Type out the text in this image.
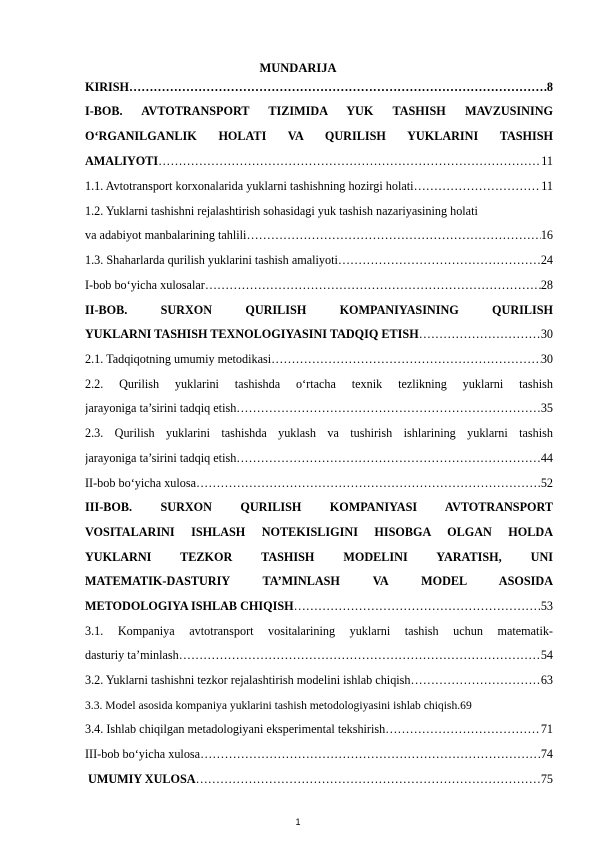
MUNDARIJA
KIRISH ……………………………………………………………………………………………………………………………………………………………………………………………	8
I-BOB. AVTOTRANSPORT TIZIMIDA YUK TASHISH MAVZUSINING
O‘RGANILGANLIK HOLATI VA QURILISH YUKLARINI TASHISH
AMALIYOTI ……………………………………………………………………………………………………………………………………………………………………………………………	11
1.1. Avtotransport korxonalarida yuklarni tashishning hozirgi holati ……………………………………………………………………………………………………………………………………………………………………………………………	11
1.2. Yuklarni tashishni rejalashtirish sohasidagi yuk tashish nazariyasining holati
va adabiyot manbalarining tahlili ……………………………………………………………………………………………………………………………………………………………………………………………	16
1.3. Shaharlarda qurilish yuklarini tashish amaliyoti ……………………………………………………………………………………………………………………………………………………………………………………………	24
I-bob bo‘yicha xulosalar ……………………………………………………………………………………………………………………………………………………………………………………………	28
II-BOB. SURXON QURILISH KOMPANIYASINING QURILISH
YUKLARNI TASHISH TEXNOLOGIYASINI TADQIQ ETISH ……………………………………………………………………………………………………………………………………………………………………………………………	30
2.1. Tadqiqotning umumiy metodikasi ……………………………………………………………………………………………………………………………………………………………………………………………	30
2.2. Qurilish yuklarini tashishda o‘rtacha texnik tezlikning yuklarni tashish
jarayoniga ta’sirini tadqiq etish ……………………………………………………………………………………………………………………………………………………………………………………………	35
2.3. Qurilish yuklarini tashishda yuklash va tushirish ishlarining yuklarni tashish
jarayoniga ta’sirini tadqiq etish ……………………………………………………………………………………………………………………………………………………………………………………………	44
II-bob bo‘yicha xulosa ……………………………………………………………………………………………………………………………………………………………………………………………	52
III-BOB. SURXON QURILISH KOMPANIYASI AVTOTRANSPORT
VOSITALARINI ISHLASH NOTEKISLIGINI HISOBGA OLGAN HOLDA
YUKLARNI TEZKOR TASHISH MODELINI YARATISH, UNI
MATEMATIK-DASTURIY TA’MINLASH VA MODEL ASOSIDA
METODOLOGIYA ISHLAB CHIQISH ……………………………………………………………………………………………………………………………………………………………………………………………	53
3.1. Kompaniya avtotransport vositalarining yuklarni tashish uchun matematik-
dasturiy ta’minlash ……………………………………………………………………………………………………………………………………………………………………………………………	54
3.2. Yuklarni tashishni tezkor rejalashtirish modelini ishlab chiqish ……………………………………………………………………………………………………………………………………………………………………………………………	63
3.3. Model asosida kompaniya yuklarini tashish metodologiyasini ishlab chiqish. 69
3.4. Ishlab chiqilgan metadologiyani eksperimental tekshirish ……………………………………………………………………………………………………………………………………………………………………………………………	71
III-bob bo‘yicha xulosa ……………………………………………………………………………………………………………………………………………………………………………………………	74
UMUMIY XULOSA ……………………………………………………………………………………………………………………………………………………………………………………………	75
1
